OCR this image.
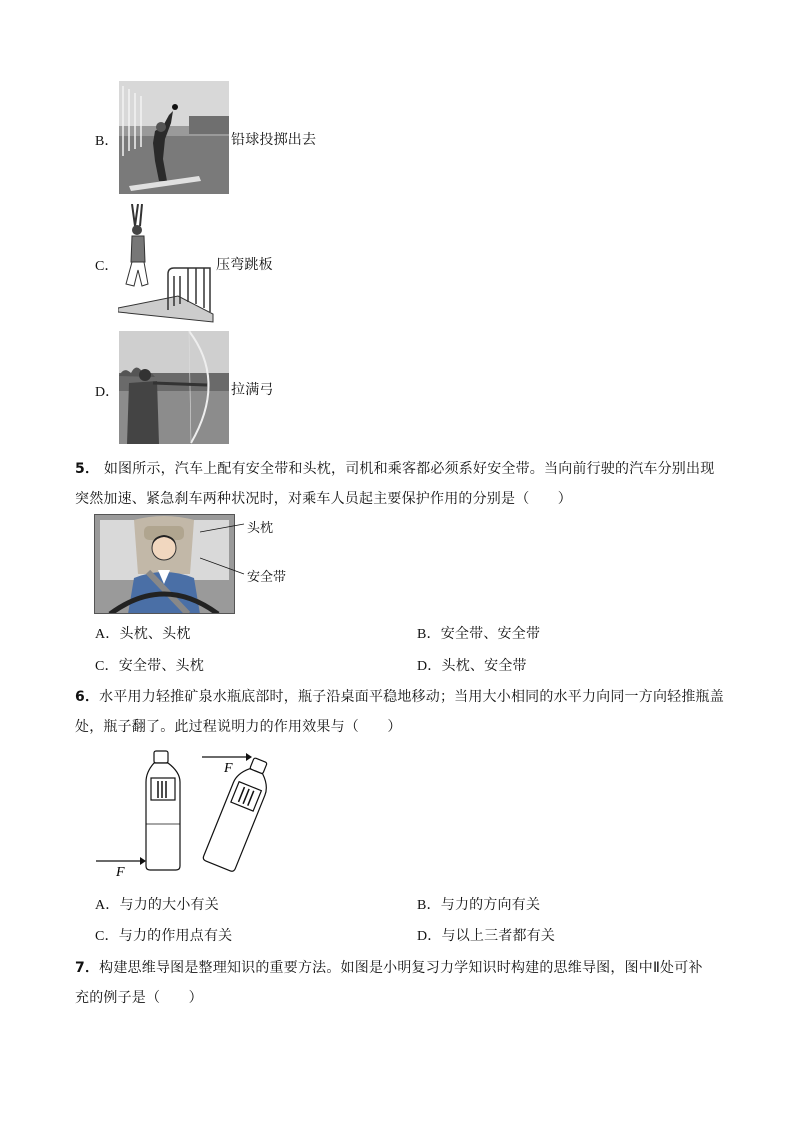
B．	铅球投掷出去
C．	压弯跳板
D．	拉满弓
5． 如图所示，汽车上配有安全带和头枕，司机和乘客都必须系好安全带。当向前行驶的汽车分别出现
突然加速、紧急刹车两种状况时，对乘车人员起主要保护作用的分别是（　　）
头枕
安全带
A．头枕、头枕	B．安全带、安全带
C．安全带、头枕	D．头枕、安全带
6．水平用力轻推矿泉水瓶底部时，瓶子沿桌面平稳地移动；当用大小相同的水平力向同一方向轻推瓶盖
处，瓶子翻了。此过程说明力的作用效果与（　　）
F
F
A．与力的大小有关	B．与力的方向有关
C．与力的作用点有关	D．与以上三者都有关
7．构建思维导图是整理知识的重要方法。如图是小明复习力学知识时构建的思维导图，图中Ⅱ处可补
充的例子是（　　）
